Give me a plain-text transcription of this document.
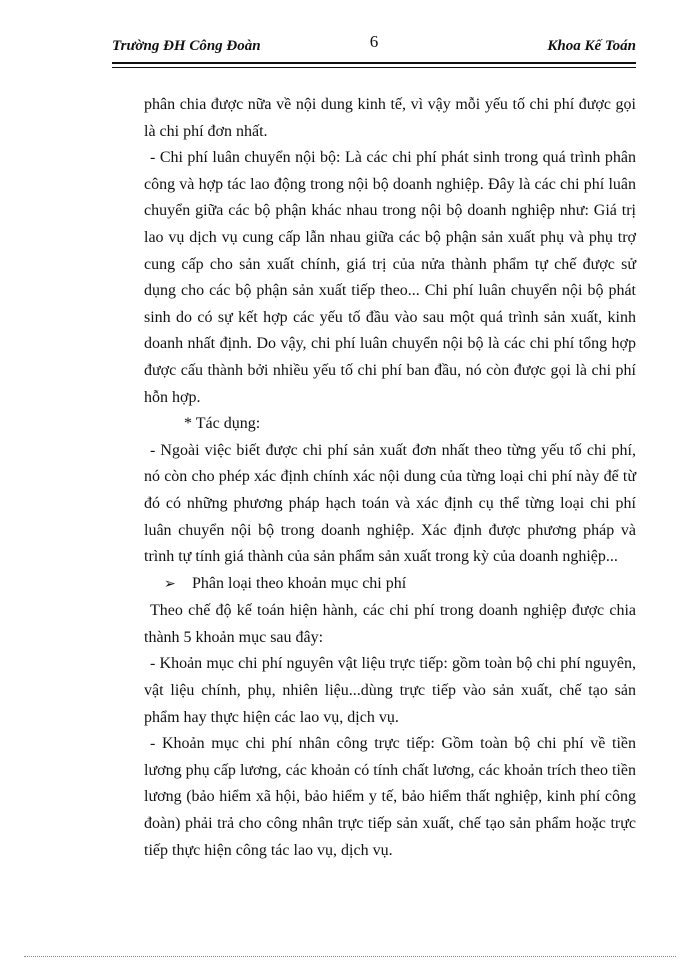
Trường ĐH Công Đoàn	6	Khoa Kế Toán

phân chia được nữa về nội dung kinh tế, vì vậy mỗi yếu tố chi phí được gọi là chi phí đơn nhất.

- Chi phí luân chuyển nội bộ: Là các chi phí phát sinh trong quá trình phân công và hợp tác lao động trong nội bộ doanh nghiệp. Đây là các chi phí luân chuyển giữa các bộ phận khác nhau trong nội bộ doanh nghiệp như: Giá trị lao vụ dịch vụ cung cấp lẫn nhau giữa các bộ phận sản xuất phụ và phụ trợ cung cấp cho sản xuất chính, giá trị của nửa thành phẩm tự chế được sử dụng cho các bộ phận sản xuất tiếp theo... Chi phí luân chuyển nội bộ phát sinh do có sự kết hợp các yếu tố đầu vào sau một quá trình sản xuất, kinh doanh nhất định. Do vậy, chi phí luân chuyển nội bộ là các chi phí tổng hợp được cấu thành bởi nhiều yếu tố chi phí ban đầu, nó còn được gọi là chi phí hỗn hợp.

* Tác dụng:

- Ngoài việc biết được chi phí sản xuất đơn nhất theo từng yếu tố chi phí, nó còn cho phép xác định chính xác nội dung của từng loại chi phí này để từ đó có những phương pháp hạch toán và xác định cụ thể từng loại chi phí luân chuyển nội bộ trong doanh nghiệp. Xác định được phương pháp và trình tự tính giá thành của sản phẩm sản xuất trong kỳ của doanh nghiệp...

➢ Phân loại theo khoản mục chi phí

Theo chế độ kế toán hiện hành, các chi phí trong doanh nghiệp được chia thành 5 khoản mục sau đây:

- Khoản mục chi phí nguyên vật liệu trực tiếp: gồm toàn bộ chi phí nguyên, vật liệu chính, phụ, nhiên liệu...dùng trực tiếp vào sản xuất, chế tạo sản phẩm hay thực hiện các lao vụ, dịch vụ.

- Khoản mục chi phí nhân công trực tiếp: Gồm toàn bộ chi phí về tiền lương phụ cấp lương, các khoản có tính chất lương, các khoản trích theo tiền lương (bảo hiểm xã hội, bảo hiểm y tế, bảo hiểm thất nghiệp, kinh phí công đoàn) phải trả cho công nhân trực tiếp sản xuất, chế tạo sản phẩm hoặc trực tiếp thực hiện công tác lao vụ, dịch vụ.
